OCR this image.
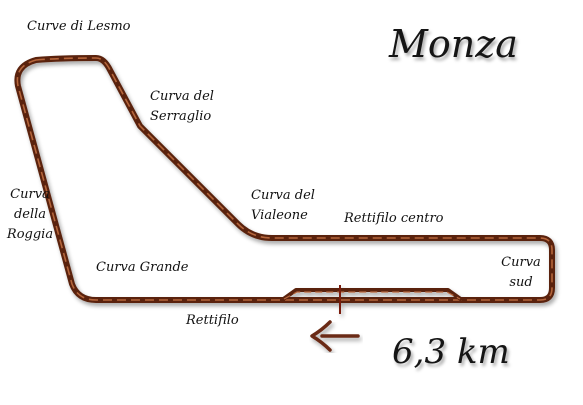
Monza
6,3 km
Curve di Lesmo
Curva del
Serraglio
Curva del
Vialeone	Rettifilo centro
Curva
sud
Curva
della
Roggia
Curva Grande
Rettifilo
